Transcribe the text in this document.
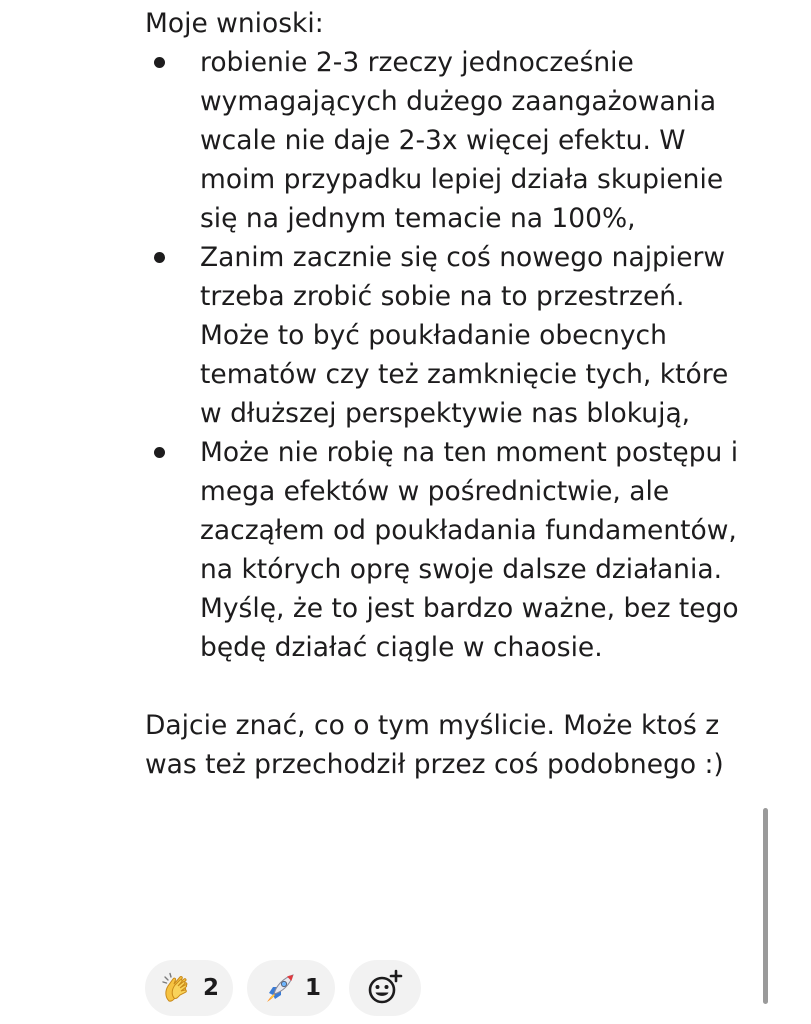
Moje wnioski:

robienie 2-3 rzeczy jednocześnie wymagających dużego zaangażowania wcale nie daje 2-3x więcej efektu. W moim przypadku lepiej działa skupienie się na jednym temacie na 100%,
Zanim zacznie się coś nowego najpierw trzeba zrobić sobie na to przestrzeń. Może to być poukładanie obecnych tematów czy też zamknięcie tych, które w dłuższej perspektywie nas blokują,
Może nie robię na ten moment postępu i mega efektów w pośrednictwie, ale zacząłem od poukładania fundamentów, na których oprę swoje dalsze działania. Myślę, że to jest bardzo ważne, bez tego będę działać ciągle w chaosie.

Dajcie znać, co o tym myślicie. Może ktoś z was też przechodził przez coś podobnego :)

2	1
